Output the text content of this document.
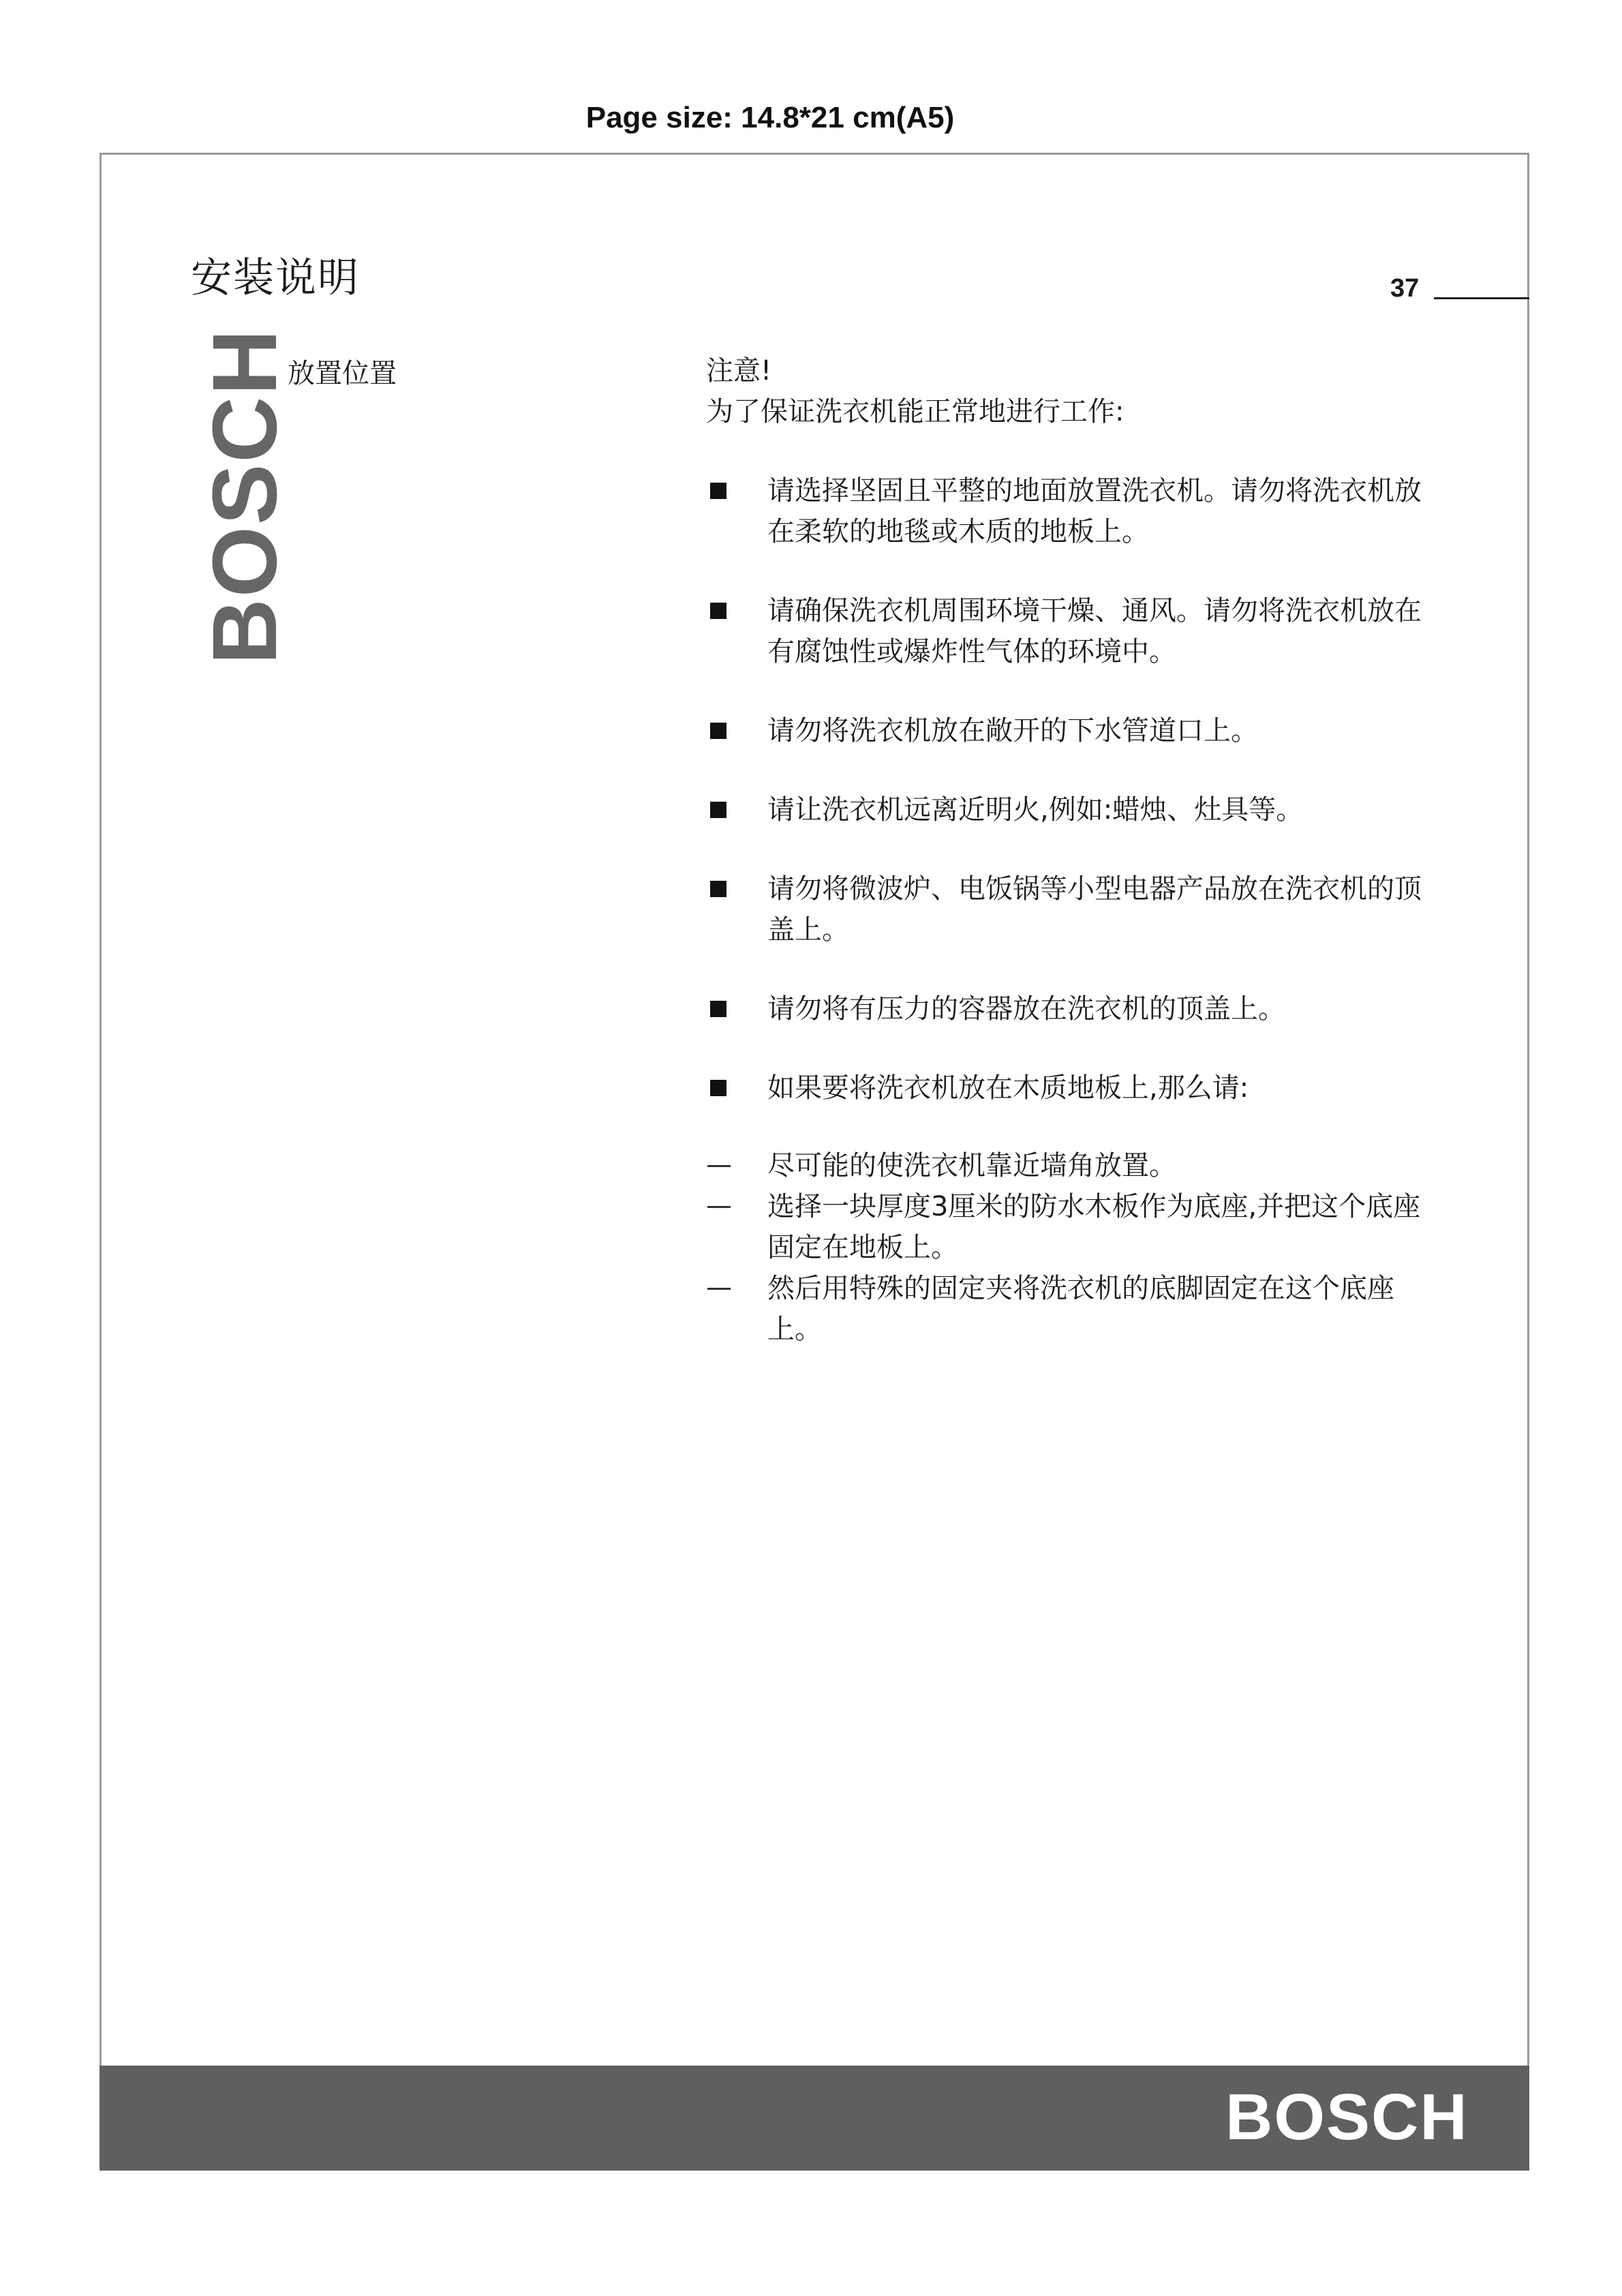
Page size: 14.8*21 cm(A5)
安装说明	37
BOSCH
放置位置	注意!

为了保证洗衣机能正常地进行工作:

请选择坚固且平整的地面放置洗衣机。请勿将洗衣机放在柔软的地毯或木质的地板上。
请确保洗衣机周围环境干燥、通风。请勿将洗衣机放在有腐蚀性或爆炸性气体的环境中。
请勿将洗衣机放在敞开的下水管道口上。
请让洗衣机远离近明火,例如:蜡烛、灶具等。
请勿将微波炉、电饭锅等小型电器产品放在洗衣机的顶盖上。
请勿将有压力的容器放在洗衣机的顶盖上。
如果要将洗衣机放在木质地板上,那么请:
尽可能的使洗衣机靠近墙角放置。
选择一块厚度3厘米的防水木板作为底座,并把这个底座固定在地板上。
然后用特殊的固定夹将洗衣机的底脚固定在这个底座上。
BOSCH
